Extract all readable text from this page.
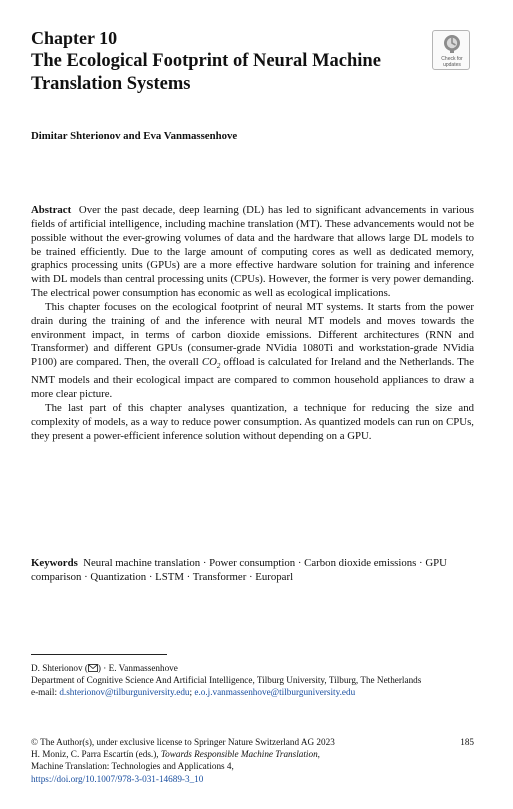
Chapter 10
The Ecological Footprint of Neural Machine Translation Systems
Check for
updates
Dimitar Shterionov and Eva Vanmassenhove

Abstract Over the past decade, deep learning (DL) has led to significant advancements in various fields of artificial intelligence, including machine translation (MT). These advancements would not be possible without the ever-growing volumes of data and the hardware that allows large DL models to be trained efficiently. Due to the large amount of computing cores as well as dedicated memory, graphics processing units (GPUs) are a more effective hardware solution for training and inference with DL models than central processing units (CPUs). However, the former is very power demanding. The electrical power consumption has economic as well as ecological implications.

This chapter focuses on the ecological footprint of neural MT systems. It starts from the power drain during the training of and the inference with neural MT models and moves towards the environment impact, in terms of carbon dioxide emissions. Different architectures (RNN and Transformer) and different GPUs (consumer-grade NVidia 1080Ti and workstation-grade NVidia P100) are compared. Then, the overall $CO_2$ offload is calculated for Ireland and the Netherlands. The NMT models and their ecological impact are compared to common household appliances to draw a more clear picture.

The last part of this chapter analyses quantization, a technique for reducing the size and complexity of models, as a way to reduce power consumption. As quantized models can run on CPUs, they present a power-efficient inference solution without depending on a GPU.

Keywords Neural machine translation · Power consumption · Carbon dioxide emissions · GPU comparison · Quantization · LSTM · Transformer · Europarl
D. Shterionov ( ) · E. Vanmassenhove
Department of Cognitive Science And Artificial Intelligence, Tilburg University, Tilburg, The Netherlands
e-mail: d.shterionov@tilburguniversity.edu; e.o.j.vanmassenhove@tilburguniversity.edu
© The Author(s), under exclusive license to Springer Nature Switzerland AG 2023
H. Moniz, C. Parra Escartín (eds.), Towards Responsible Machine Translation,
Machine Translation: Technologies and Applications 4,
https://doi.org/10.1007/978-3-031-14689-3_10
185
